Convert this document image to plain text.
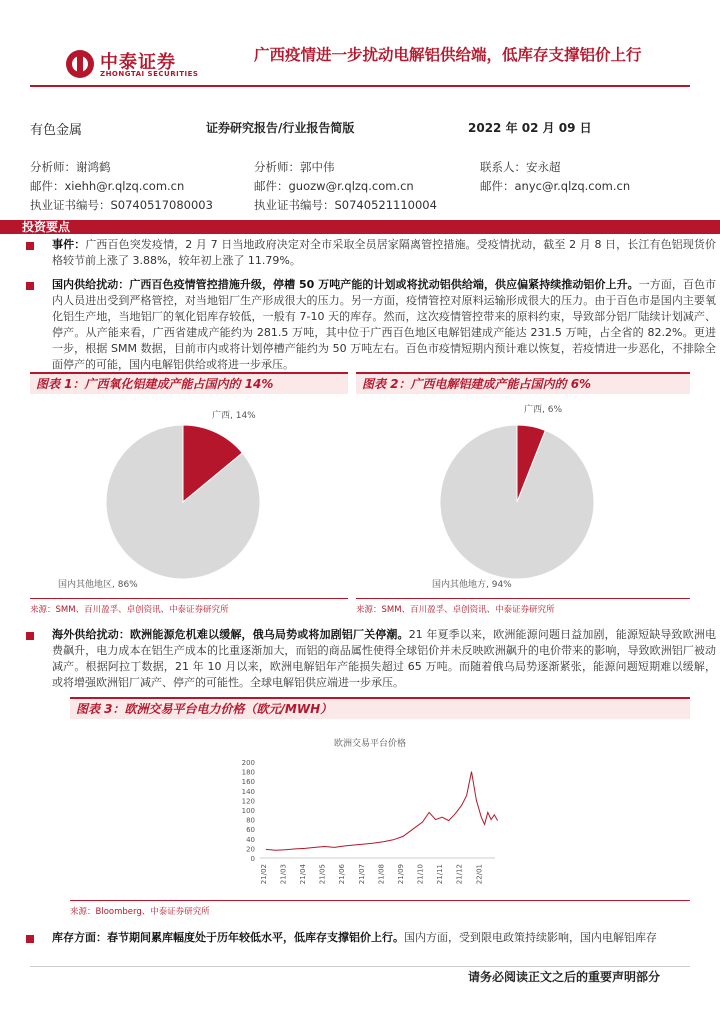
中泰证券
ZHONGTAI SECURITIES
广西疫情进一步扰动电解铝供给端，低库存支撑铝价上行
有色金属	证券研究报告/行业报告简版	2022 年 02 月 09 日
分析师：谢鸿鹤
邮件：xiehh@r.qlzq.com.cn
执业证书编号：S0740517080003
分析师：郭中伟
邮件：guozw@r.qlzq.com.cn
执业证书编号：S0740521110004
联系人：安永超
邮件：anyc@r.qlzq.com.cn
投资要点
事件：广西百色突发疫情，2 月 7 日当地政府决定对全市采取全员居家隔离管控措施。受疫情扰动，截至 2 月 8 日，长江有色铝现货价格较节前上涨了 3.88%，较年初上涨了 11.79%。
国内供给扰动：广西百色疫情管控措施升级，停槽 50 万吨产能的计划或将扰动铝供给端，供应偏紧持续推动铝价上升。一方面，百色市内人员进出受到严格管控，对当地铝厂生产形成很大的压力。另一方面，疫情管控对原料运输形成很大的压力。由于百色市是国内主要氧化铝生产地，当地铝厂的氧化铝库存较低，一般有 7-10 天的库存。然而，这次疫情管控带来的原料约束，导致部分铝厂陆续计划减产、停产。从产能来看，广西省建成产能约为 281.5 万吨，其中位于广西百色地区电解铝建成产能达 231.5 万吨，占全省的 82.2%。更进一步，根据 SMM 数据，目前市内或将计划停槽产能约为 50 万吨左右。百色市疫情短期内预计难以恢复，若疫情进一步恶化，不排除全面停产的可能，国内电解铝供给或将进一步承压。
图表 1：广西氧化铝建成产能占国内的 14%
广西, 14%
国内其他地区, 86%
来源：SMM、百川盈孚、卓创资讯、中泰证券研究所
图表 2：广西电解铝建成产能占国内的 6%
广西, 6%
国内其他地方, 94%
来源：SMM、百川盈孚、卓创资讯、中泰证券研究所
海外供给扰动：欧洲能源危机难以缓解，俄乌局势或将加剧铝厂关停潮。21 年夏季以来，欧洲能源问题日益加剧，能源短缺导致欧洲电费飙升，电力成本在铝生产成本的比重逐渐加大，而铝的商品属性使得全球铝价并未反映欧洲飙升的电价带来的影响，导致欧洲铝厂被动减产。根据阿拉丁数据，21 年 10 月以来，欧洲电解铝年产能损失超过 65 万吨。而随着俄乌局势逐渐紧张，能源问题短期难以缓解，或将增强欧洲铝厂减产、停产的可能性。全球电解铝供应端进一步承压。
图表 3：欧洲交易平台电力价格（欧元/MWH）
欧洲交易平台价格
0
20
40
60
80
100
120
140
160
180
200
21/02 21/03 21/04 21/05 21/06 21/07 21/08 21/09 21/10 21/11 21/12 22/01
来源：Bloomberg、中泰证券研究所
库存方面：春节期间累库幅度处于历年较低水平，低库存支撑铝价上行。国内方面，受到限电政策持续影响，国内电解铝库存
请务必阅读正文之后的重要声明部分
